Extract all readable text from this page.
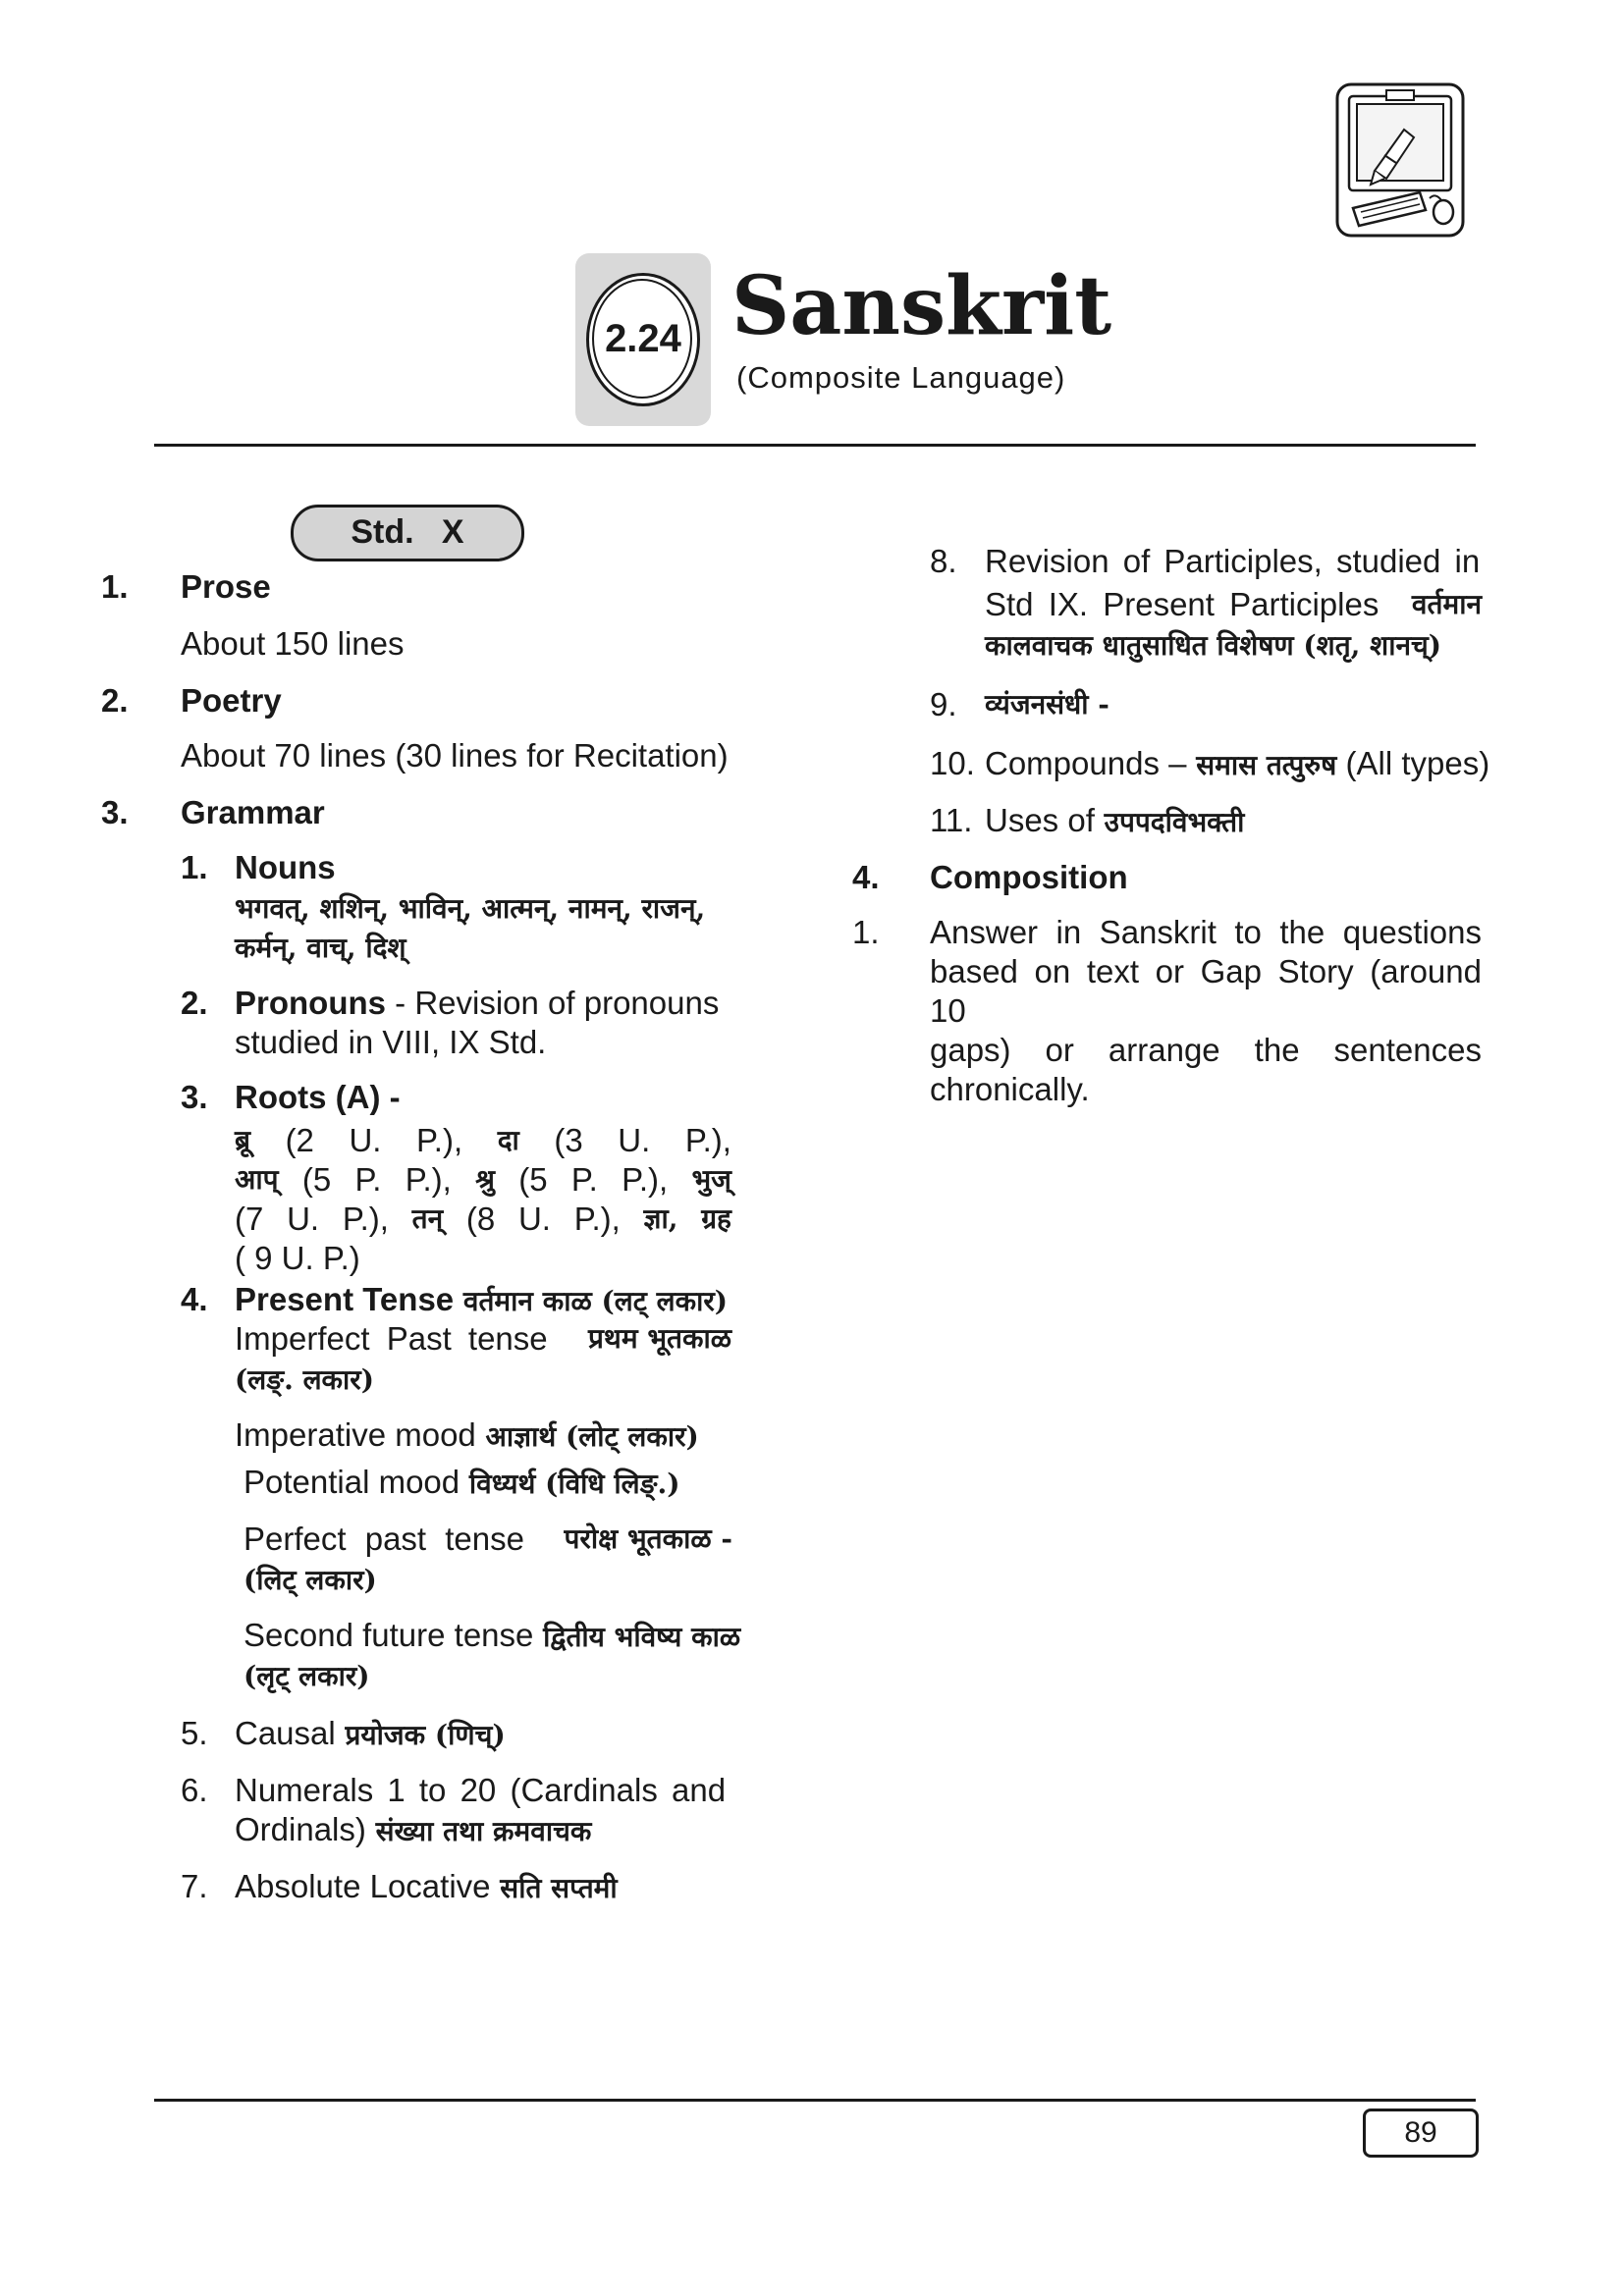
2.24 Sanskrit
(Composite Language)
Std.   X
1. Prose
About 150 lines
2. Poetry
About 70 lines (30 lines for Recitation)
3. Grammar
1. Nouns
भगवत्, शशिन्, भाविन्, आत्मन्, नामन्, राजन्,
कर्मन्, वाच्, दिश्
2. Pronouns - Revision of pronouns
studied in VIII, IX Std.
3. Roots (A) -
ब्रू (2 U. P.), दा (3 U. P.),
आप् (5 P. P.), श्रु (5 P. P.), भुज्
(7 U. P.), तन् (8 U. P.), ज्ञा, ग्रह
( 9 U. P.)
4. Present Tense वर्तमान काळ (लट् लकार)
Imperfect Past tense प्रथम भूतकाळ
(लङ्. लकार)
Imperative mood आज्ञार्थ (लोट् लकार)
Potential mood विध्यर्थ (विधि लिङ्.)
Perfect past tense परोक्ष भूतकाळ -
(लिट् लकार)
Second future tense द्वितीय भविष्य काळ
(लृट् लकार)
5. Causal प्रयोजक (णिच्)
6. Numerals 1 to 20 (Cardinals and
Ordinals) संख्या तथा क्रमवाचक
7. Absolute Locative सति सप्तमी
8. Revision of Participles, studied in
Std IX. Present Participles वर्तमान
कालवाचक धातुसाधित विशेषण (शतृ, शानच्)
9. व्यंजनसंधी -
10. Compounds – समास तत्पुरुष (All types)
11. Uses of उपपदविभक्ती
4. Composition
1. Answer in Sanskrit to the questions
based on text or Gap Story (around 10
gaps) or arrange the sentences
chronically.
89
